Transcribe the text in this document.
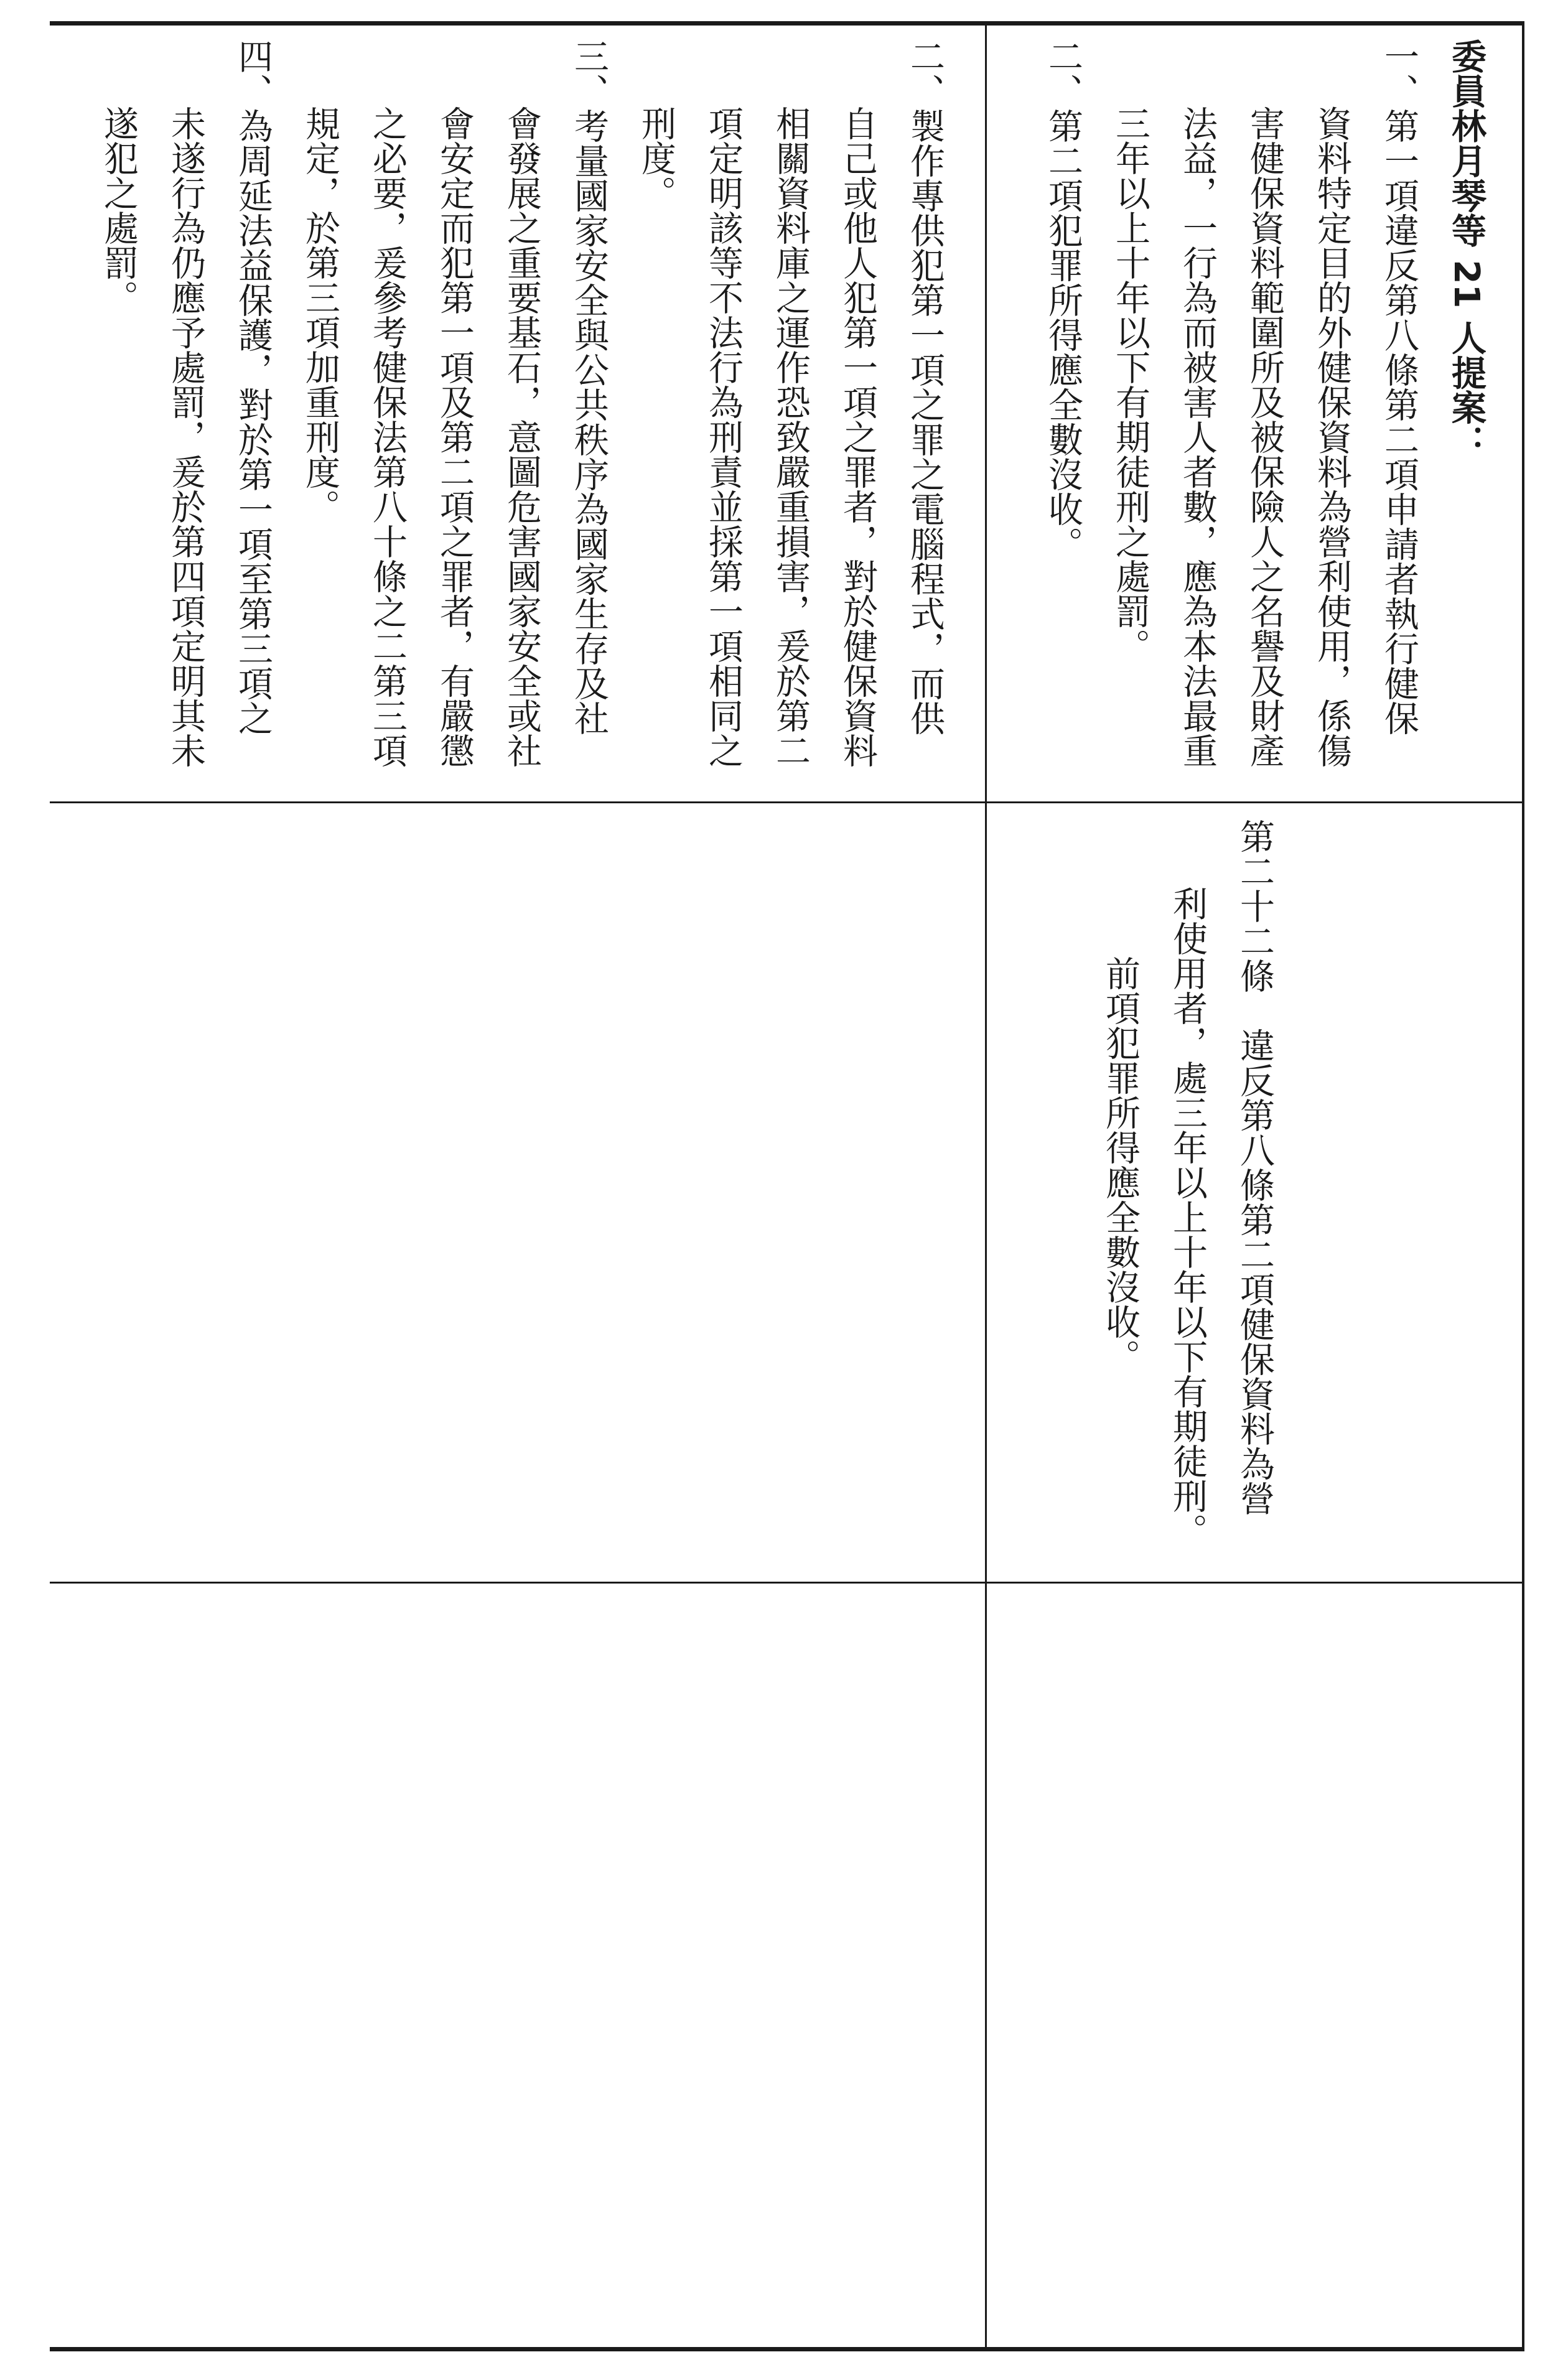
二、製作專供犯第一項之罪之電腦程式，而供
自己或他人犯第一項之罪者，對於健保資料
相關資料庫之運作恐致嚴重損害，爰於第二
項定明該等不法行為刑責並採第一項相同之
刑度。
三、考量國家安全與公共秩序為國家生存及社
會發展之重要基石，意圖危害國家安全或社
會安定而犯第一項及第二項之罪者，有嚴懲
之必要，爰參考健保法第八十條之二第三項
規定，於第三項加重刑度。
四、為周延法益保護，對於第一項至第三項之
未遂行為仍應予處罰，爰於第四項定明其未
遂犯之處罰。	委員林月琴等 21 人提案：
一、第一項違反第八條第二項申請者執行健保
資料特定目的外健保資料為營利使用，係傷
害健保資料範圍所及被保險人之名譽及財產
法益，一行為而被害人者數，應為本法最重
三年以上十年以下有期徒刑之處罰。
二、第二項犯罪所得應全數沒收。
第二十二條　違反第八條第二項健保資料為營
利使用者，處三年以上十年以下有期徒刑。
前項犯罪所得應全數沒收。
